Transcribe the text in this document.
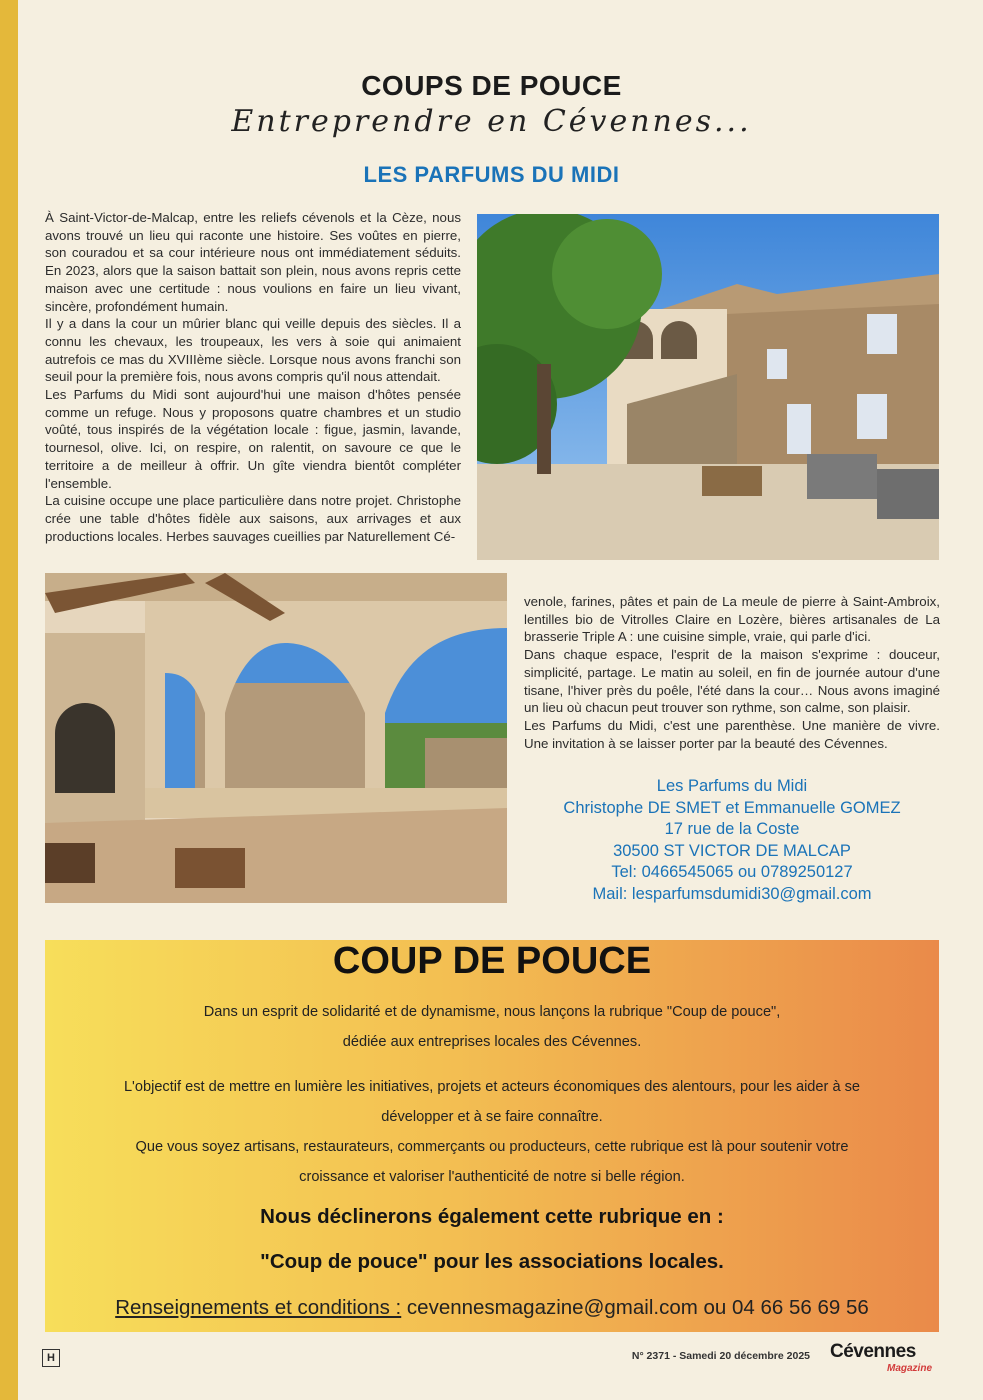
COUPS DE POUCE
Entreprendre en Cévennes...
LES PARFUMS DU MIDI

À Saint-Victor-de-Malcap, entre les reliefs cévenols et la Cèze, nous avons trouvé un lieu qui raconte une histoire. Ses voûtes en pierre, son couradou et sa cour intérieure nous ont immédiatement séduits. En 2023, alors que la saison battait son plein, nous avons repris cette maison avec une certitude : nous voulions en faire un lieu vivant, sincère, profondément humain.

Il y a dans la cour un mûrier blanc qui veille depuis des siècles. Il a connu les chevaux, les troupeaux, les vers à soie qui animaient autrefois ce mas du XVIIIème siècle. Lorsque nous avons franchi son seuil pour la première fois, nous avons compris qu'il nous attendait.

Les Parfums du Midi sont aujourd'hui une maison d'hôtes pensée comme un refuge. Nous y proposons quatre chambres et un studio voûté, tous inspirés de la végétation locale : figue, jasmin, lavande, tournesol, olive. Ici, on respire, on ralentit, on savoure ce que le territoire a de meilleur à offrir. Un gîte viendra bientôt compléter l'ensemble.

La cuisine occupe une place particulière dans notre projet. Christophe crée une table d'hôtes fidèle aux saisons, aux arrivages et aux productions locales. Herbes sauvages cueillies par Naturellement Cé-

venole, farines, pâtes et pain de La meule de pierre à Saint-Ambroix, lentilles bio de Vitrolles Claire en Lozère, bières artisanales de La brasserie Triple A : une cuisine simple, vraie, qui parle d'ici.

Dans chaque espace, l'esprit de la maison s'exprime : douceur, simplicité, partage. Le matin au soleil, en fin de journée autour d'une tisane, l'hiver près du poêle, l'été dans la cour… Nous avons imaginé un lieu où chacun peut trouver son rythme, son calme, son plaisir.

Les Parfums du Midi, c'est une parenthèse. Une manière de vivre. Une invitation à se laisser porter par la beauté des Cévennes.

Les Parfums du Midi
Christophe DE SMET et Emmanuelle GOMEZ
17 rue de la Coste
30500 ST VICTOR DE MALCAP
Tel: 0466545065 ou 0789250127
Mail: lesparfumsdumidi30@gmail.com
COUP DE POUCE
Dans un esprit de solidarité et de dynamisme, nous lançons la rubrique "Coup de pouce",
dédiée aux entreprises locales des Cévennes.
L'objectif est de mettre en lumière les initiatives, projets et acteurs économiques des alentours, pour les aider à se
développer et à se faire connaître.
Que vous soyez artisans, restaurateurs, commerçants ou producteurs, cette rubrique est là pour soutenir votre
croissance et valoriser l'authenticité de notre si belle région.
Nous déclinerons également cette rubrique en :
"Coup de pouce" pour les associations locales.
Renseignements et conditions : cevennesmagazine@gmail.com ou 04 66 56 69 56
H	N° 2371 - Samedi 20 décembre 2025 Cévennes
Magazine
